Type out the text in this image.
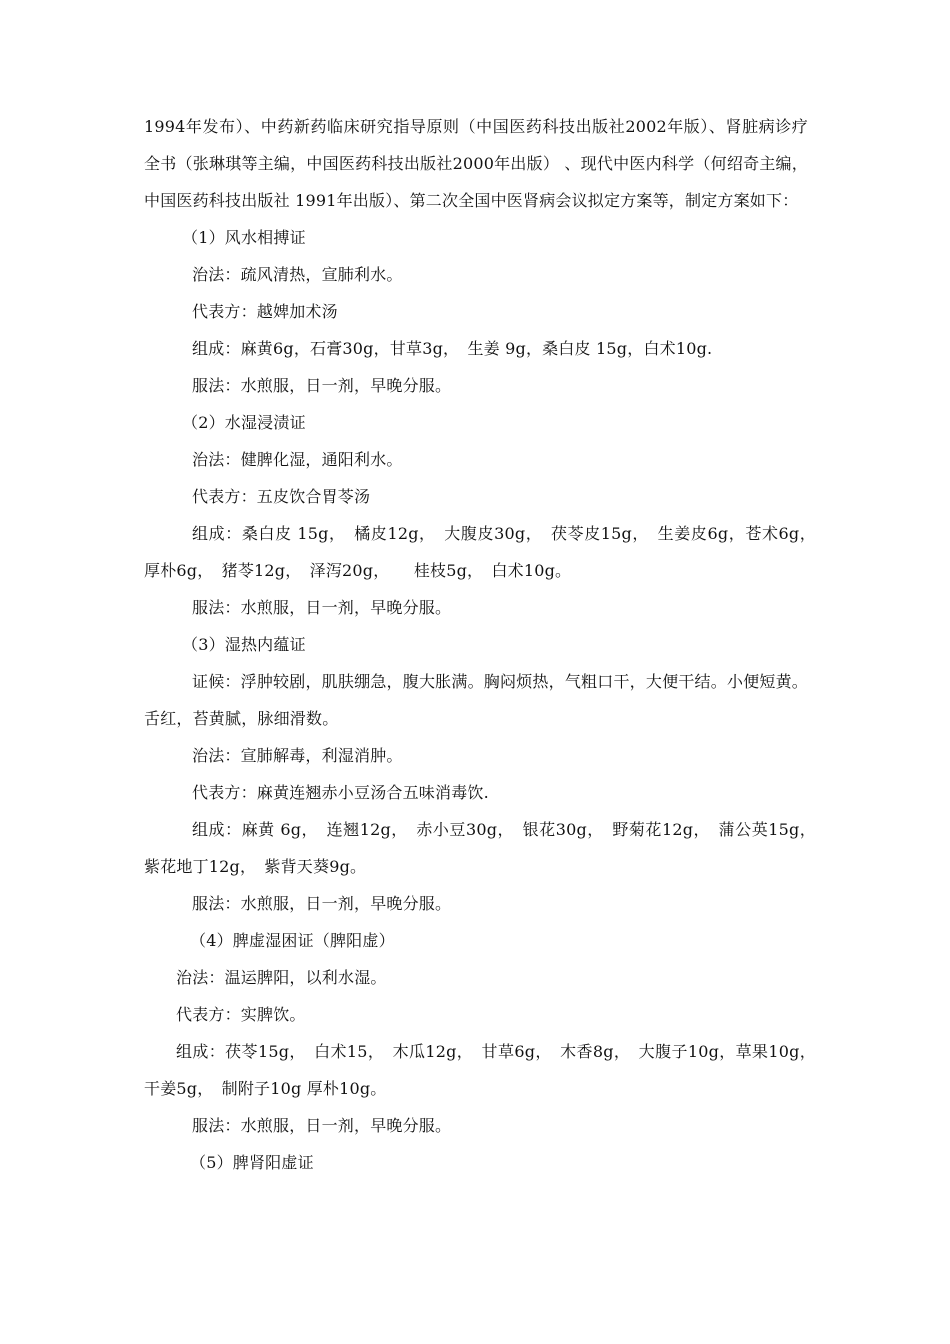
1994年发布）、中药新药临床研究指导原则（中国医药科技出版社2002年版）、肾脏病诊疗全书（张琳琪等主编，中国医药科技出版社2000年出版） 、现代中医内科学（何绍奇主编，中国医药科技出版社 1991年出版）、第二次全国中医肾病会议拟定方案等，制定方案如下：

（1）风水相搏证

治法：疏风清热，宣肺利水。

代表方：越婢加术汤

组成：麻黄6g，石膏30g，甘草3g，　生姜 9g，桑白皮 15g，白术10g.

服法：水煎服，日一剂，早晚分服。

（2）水湿浸渍证

治法：健脾化湿，通阳利水。

代表方：五皮饮合胃苓汤

组成：桑白皮 15g，　橘皮12g，　大腹皮30g，　茯苓皮15g，　生姜皮6g，苍术6g，　厚朴6g，　猪苓12g，　泽泻20g，　　桂枝5g，　白术10g。

服法：水煎服，日一剂，早晚分服。

（3）湿热内蕴证

证候：浮肿较剧，肌肤绷急，腹大胀满。胸闷烦热，气粗口干，大便干结。小便短黄。舌红，苔黄腻，脉细滑数。

治法：宣肺解毒，利湿消肿。

代表方：麻黄连翘赤小豆汤合五味消毒饮.

组成：麻黄 6g，　连翘12g，　赤小豆30g，　银花30g，　野菊花12g，　蒲公英15g，　紫花地丁12g，　紫背天葵9g。

服法：水煎服，日一剂，早晚分服。

（4）脾虚湿困证（脾阳虚）

治法：温运脾阳，以利水湿。

代表方：实脾饮。

组成：茯苓15g，　白术15，　木瓜12g，　甘草6g，　木香8g，　大腹子10g，草果10g，　干姜5g，　制附子10g 厚朴10g。

服法：水煎服，日一剂，早晚分服。

（5）脾肾阳虚证
